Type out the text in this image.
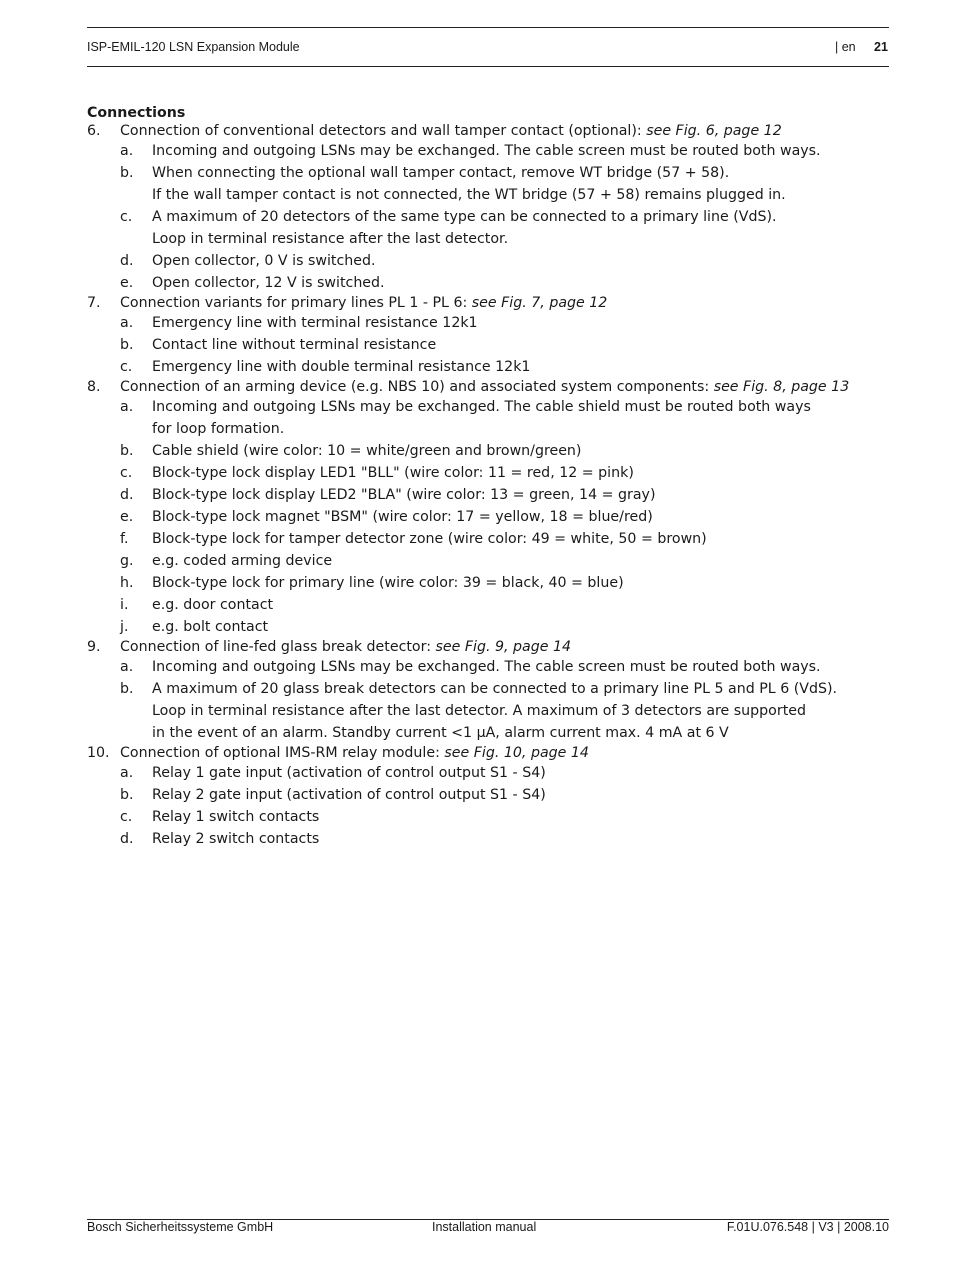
ISP-EMIL-120 LSN Expansion Module	| en 21
Connections
6. Connection of conventional detectors and wall tamper contact (optional): see Fig. 6, page 12
a.	Incoming and outgoing LSNs may be exchanged. The cable screen must be routed both ways.
b.	When connecting the optional wall tamper contact, remove WT bridge (57 + 58).
If the wall tamper contact is not connected, the WT bridge (57 + 58) remains plugged in.
c.	A maximum of 20 detectors of the same type can be connected to a primary line (VdS).
Loop in terminal resistance after the last detector.
d.	Open collector, 0 V is switched.
e.	Open collector, 12 V is switched.
7. Connection variants for primary lines PL 1 - PL 6: see Fig. 7, page 12
a.	Emergency line with terminal resistance 12k1
b.	Contact line without terminal resistance
c.	Emergency line with double terminal resistance 12k1
8. Connection of an arming device (e.g. NBS 10) and associated system components: see Fig. 8, page 13
a.	Incoming and outgoing LSNs may be exchanged. The cable shield must be routed both ways
for loop formation.
b.	Cable shield (wire color: 10 = white/green and brown/green)
c.	Block-type lock display LED1 "BLL" (wire color: 11 = red, 12 = pink)
d.	Block-type lock display LED2 "BLA" (wire color: 13 = green, 14 = gray)
e.	Block-type lock magnet "BSM" (wire color: 17 = yellow, 18 = blue/red)
f.	Block-type lock for tamper detector zone (wire color: 49 = white, 50 = brown)
g.	e.g. coded arming device
h.	Block-type lock for primary line (wire color: 39 = black, 40 = blue)
i.	e.g. door contact
j.	e.g. bolt contact
9. Connection of line-fed glass break detector: see Fig. 9, page 14
a.	Incoming and outgoing LSNs may be exchanged. The cable screen must be routed both ways.
b.	A maximum of 20 glass break detectors can be connected to a primary line PL 5 and PL 6 (VdS).
Loop in terminal resistance after the last detector. A maximum of 3 detectors are supported
in the event of an alarm. Standby current <1 µA, alarm current max. 4 mA at 6 V
10. Connection of optional IMS-RM relay module: see Fig. 10, page 14
a.	Relay 1 gate input (activation of control output S1 - S4)
b.	Relay 2 gate input (activation of control output S1 - S4)
c.	Relay 1 switch contacts
d.	Relay 2 switch contacts
Bosch Sicherheitssysteme GmbH	Installation manual	F.01U.076.548 | V3 | 2008.10
